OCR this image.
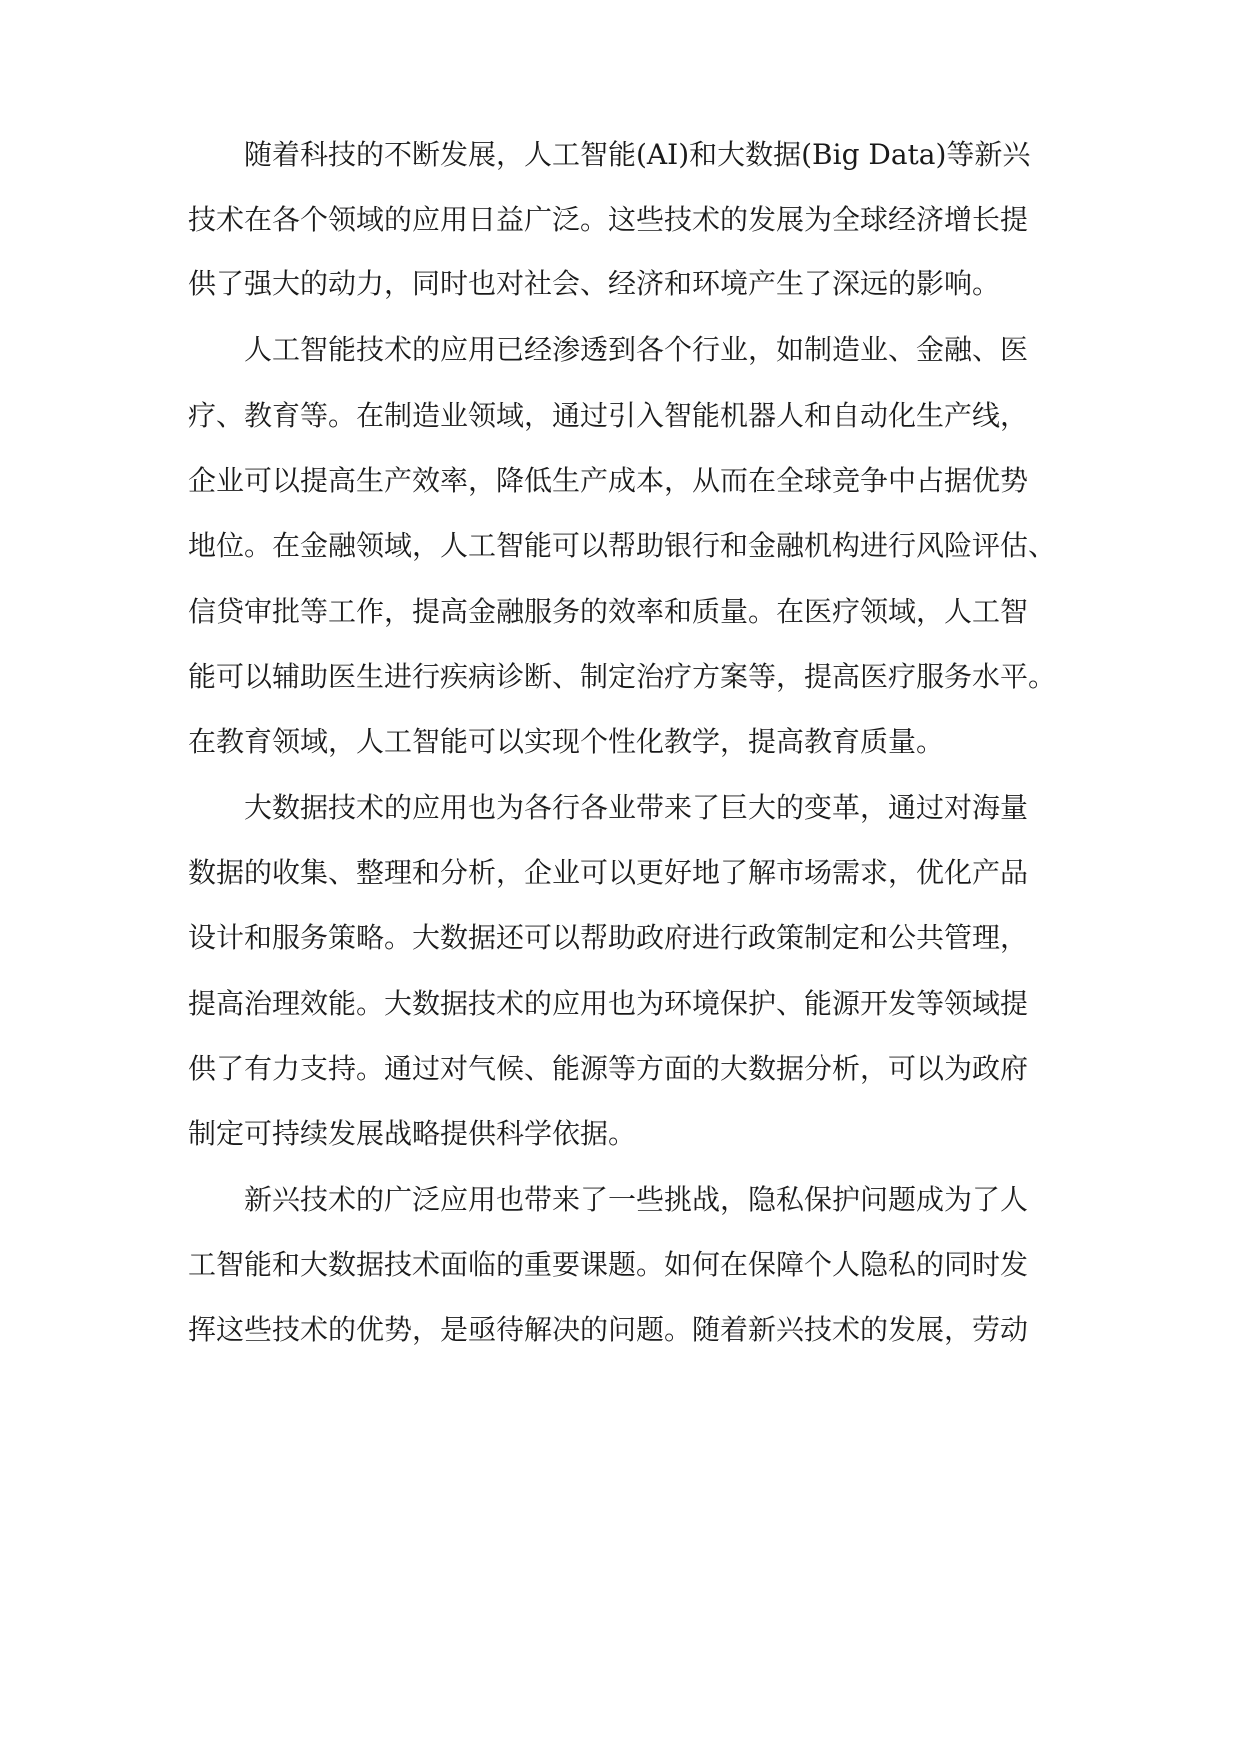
随着科技的不断发展，人工智能(AI)和大数据(Big Data)等新兴
技术在各个领域的应用日益广泛。这些技术的发展为全球经济增长提
供了强大的动力，同时也对社会、经济和环境产生了深远的影响。
人工智能技术的应用已经渗透到各个行业，如制造业、金融、医
疗、教育等。在制造业领域，通过引入智能机器人和自动化生产线，
企业可以提高生产效率，降低生产成本，从而在全球竞争中占据优势
地位。在金融领域，人工智能可以帮助银行和金融机构进行风险评估、
信贷审批等工作，提高金融服务的效率和质量。在医疗领域，人工智
能可以辅助医生进行疾病诊断、制定治疗方案等，提高医疗服务水平。
在教育领域，人工智能可以实现个性化教学，提高教育质量。
大数据技术的应用也为各行各业带来了巨大的变革，通过对海量
数据的收集、整理和分析，企业可以更好地了解市场需求，优化产品
设计和服务策略。大数据还可以帮助政府进行政策制定和公共管理，
提高治理效能。大数据技术的应用也为环境保护、能源开发等领域提
供了有力支持。通过对气候、能源等方面的大数据分析，可以为政府
制定可持续发展战略提供科学依据。
新兴技术的广泛应用也带来了一些挑战，隐私保护问题成为了人
工智能和大数据技术面临的重要课题。如何在保障个人隐私的同时发
挥这些技术的优势，是亟待解决的问题。随着新兴技术的发展，劳动
